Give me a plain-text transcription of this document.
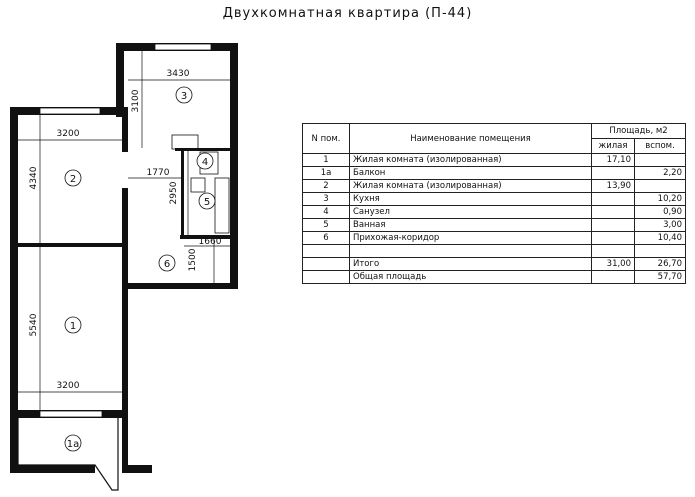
Двухкомнатная квартира (П-44)
3430
3100
3200
4340	1770
2950
1660
1500
5540
3200
3
2
4
5
6
1
1а
N пом.	Наименование помещения	Площадь, м2	
		жилая	вспом.
1	Жилая комната (изолированная)	17,10	
1а	Балкон		2,20
2	Жилая комната (изолированная)	13,90	
3	Кухня		10,20
4	Санузел		0,90
5	Ванная		3,00
6	Прихожая-коридор		10,40

	Итого	31,00	26,70
	Общая площадь		57,70
